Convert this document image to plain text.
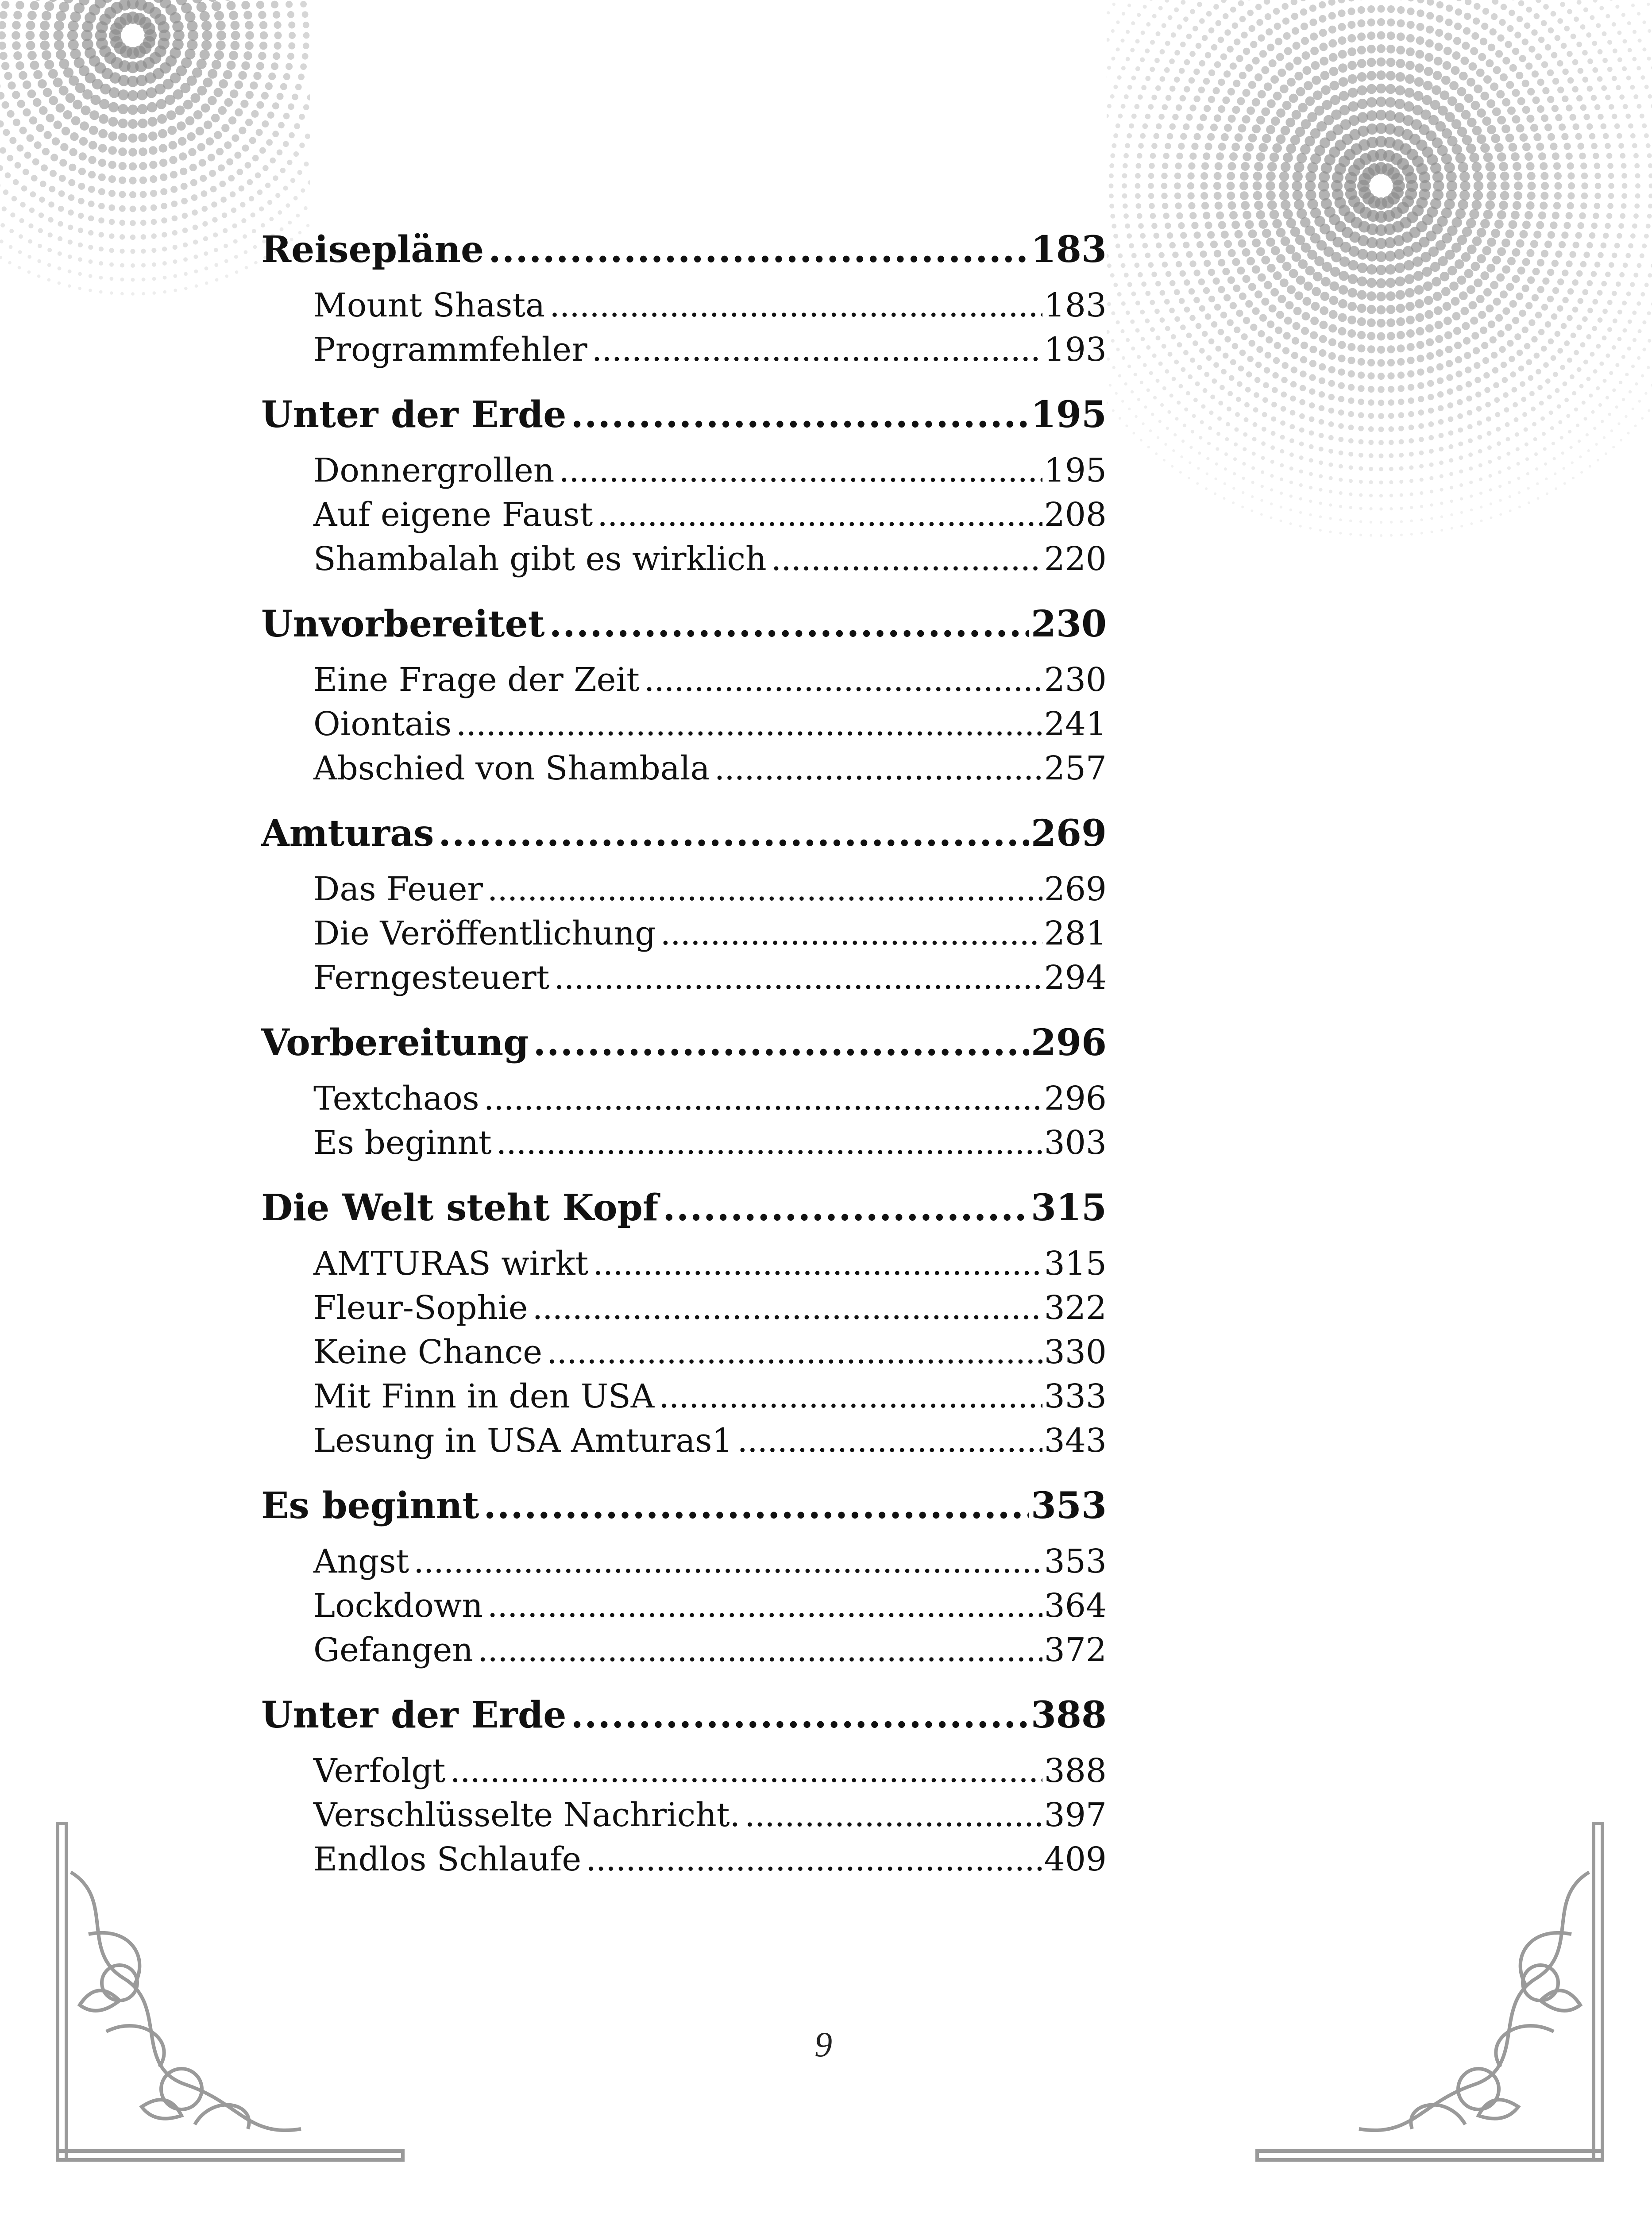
Reisepläne .....	183
Mount Shasta .....	183
Programmfehler .....	193
Unter der Erde .....	195
Donnergrollen .....	195
Auf eigene Faust .....	208
Shambalah gibt es wirklich .....	220
Unvorbereitet .....	230
Eine Frage der Zeit .....	230
Oiontais .....	241
Abschied von Shambala .....	257
Amturas .....	269
Das Feuer .....	269
Die Veröffentlichung .....	281
Ferngesteuert .....	294
Vorbereitung .....	296
Textchaos .....	296
Es beginnt .....	303
Die Welt steht Kopf .....	315
AMTURAS wirkt .....	315
Fleur-Sophie .....	322
Keine Chance .....	330
Mit Finn in den USA .....	333
Lesung in USA Amturas1 .....	343
Es beginnt .....	353
Angst .....	353
Lockdown .....	364
Gefangen .....	372
Unter der Erde .....	388
Verfolgt .....	388
Verschlüsselte Nachricht. .....	397
Endlos Schlaufe .....	409
9
